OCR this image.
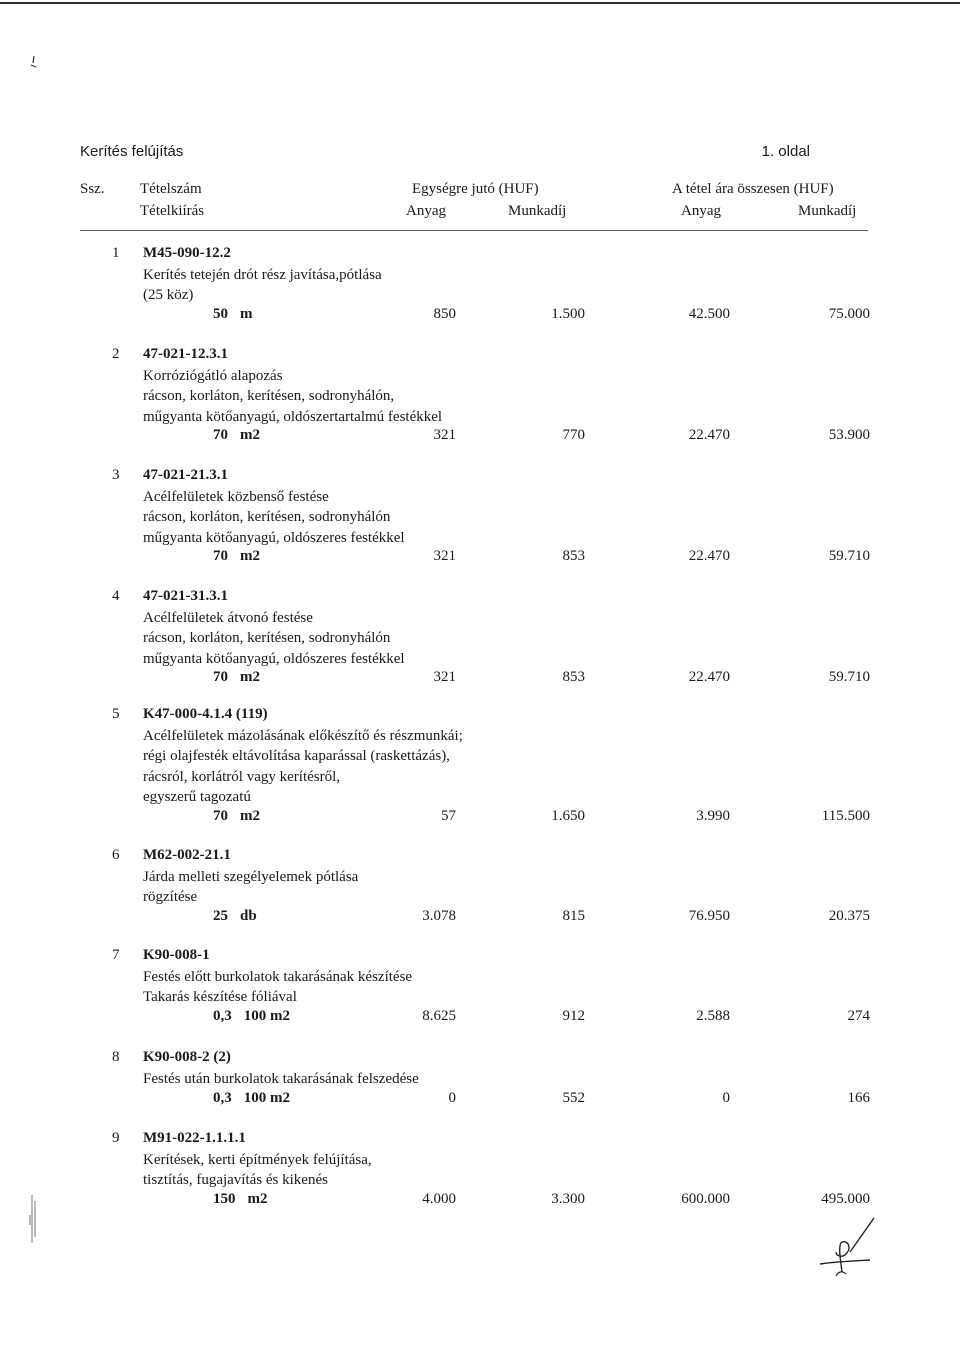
Kerítés felújítás	1. oldal
Ssz. Tételszám
Tételkiírás
Egységre jutó (HUF)	A tétel ára összesen (HUF)
Anyag	Munkadíj	Anyag	Munkadíj
1 M45-090-12.2
Kerítés tetején drót rész javítása,pótlása
(25 köz)
50 m	850	1.500	42.500	75.000
2 47-021-12.3.1
Korróziógátló alapozás
rácson, korláton, kerítésen, sodronyhálón,
műgyanta kötőanyagú, oldószertartalmú festékkel
70 m2	321	770	22.470	53.900
3 47-021-21.3.1
Acélfelületek közbenső festése
rácson, korláton, kerítésen, sodronyhálón
műgyanta kötőanyagú, oldószeres festékkel
70 m2	321	853	22.470	59.710
4 47-021-31.3.1
Acélfelületek átvonó festése
rácson, korláton, kerítésen, sodronyhálón
műgyanta kötőanyagú, oldószeres festékkel
70 m2	321	853	22.470	59.710
5 K47-000-4.1.4 (119)
Acélfelületek mázolásának előkészítő és részmunkái;
régi olajfesték eltávolítása kaparással (raskettázás),
rácsról, korlátról vagy kerítésről,
egyszerű tagozatú
70 m2	57	1.650	3.990	115.500
6 M62-002-21.1
Járda melleti szegélyelemek pótlása
rögzítése
25 db	3.078	815	76.950	20.375
7 K90-008-1
Festés előtt burkolatok takarásának készítése
Takarás készítése fóliával
0,3 100 m2	8.625	912	2.588	274
8 K90-008-2 (2)
Festés után burkolatok takarásának felszedése
0,3 100 m2	0	552	0	166
9 M91-022-1.1.1.1
Kerítések, kerti építmények felújítása,
tisztítás, fugajavítás és kikenés
150 m2	4.000	3.300	600.000	495.000
